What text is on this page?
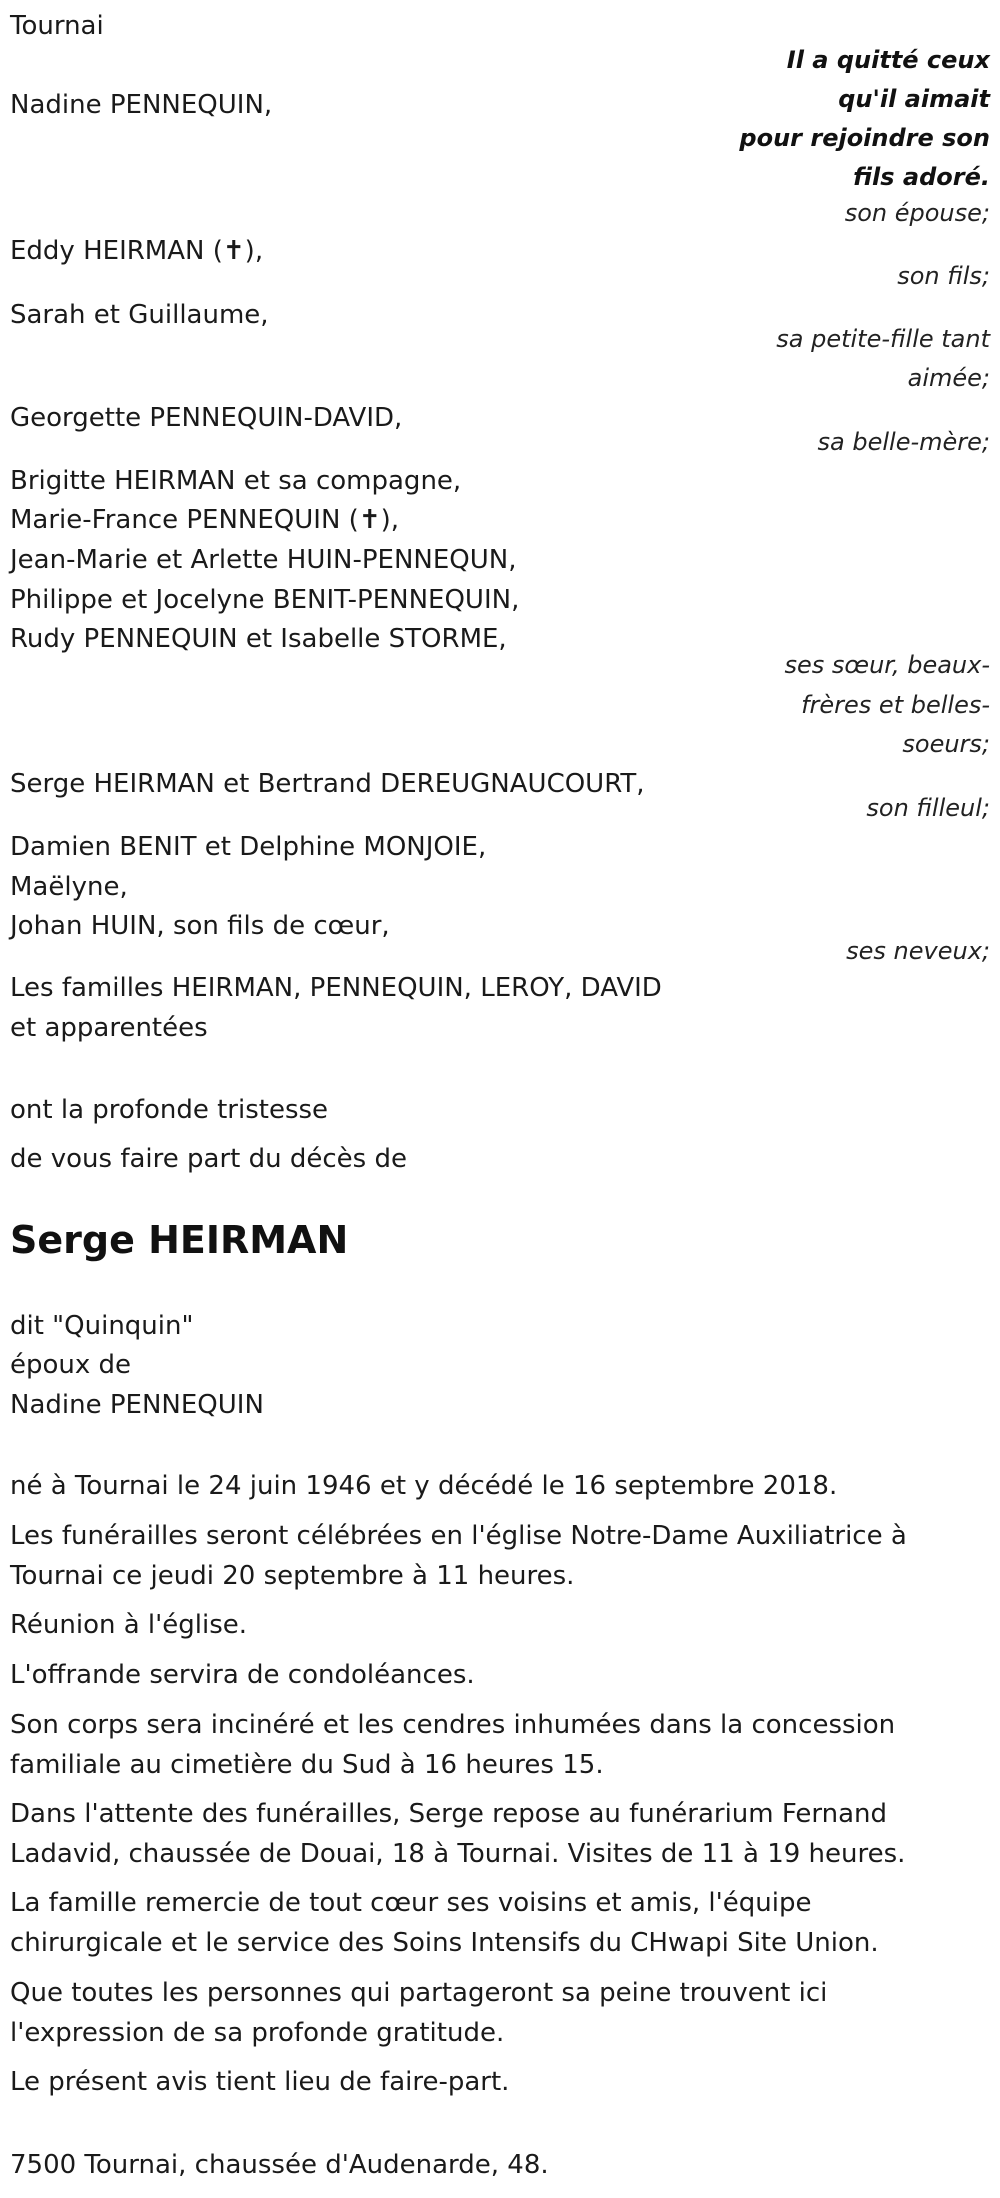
Tournai
Il a quitté ceux
qu'il aimait
pour rejoindre son
fils adoré.
Nadine PENNEQUIN,
son épouse;
Eddy HEIRMAN (✝),
son fils;
Sarah et Guillaume,
sa petite-fille tant
aimée;
Georgette PENNEQUIN-DAVID,
sa belle-mère;
Brigitte HEIRMAN et sa compagne,
Marie-France PENNEQUIN (✝),
Jean-Marie et Arlette HUIN-PENNEQUN,
Philippe et Jocelyne BENIT-PENNEQUIN,
Rudy PENNEQUIN et Isabelle STORME,
ses sœur, beaux-
frères et belles-
soeurs;
Serge HEIRMAN et Bertrand DEREUGNAUCOURT,
son filleul;
Damien BENIT et Delphine MONJOIE,
Maëlyne,
Johan HUIN, son fils de cœur,
ses neveux;
Les familles HEIRMAN, PENNEQUIN, LEROY, DAVID
et apparentées
ont la profonde tristesse
de vous faire part du décès de
Serge HEIRMAN
dit "Quinquin"
époux de
Nadine PENNEQUIN
né à Tournai le 24 juin 1946 et y décédé le 16 septembre 2018.
Les funérailles seront célébrées en l'église Notre-Dame Auxiliatrice à
Tournai ce jeudi 20 septembre à 11 heures.
Réunion à l'église.
L'offrande servira de condoléances.
Son corps sera incinéré et les cendres inhumées dans la concession
familiale au cimetière du Sud à 16 heures 15.
Dans l'attente des funérailles, Serge repose au funérarium Fernand
Ladavid, chaussée de Douai, 18 à Tournai. Visites de 11 à 19 heures.
La famille remercie de tout cœur ses voisins et amis, l'équipe
chirurgicale et le service des Soins Intensifs du CHwapi Site Union.
Que toutes les personnes qui partageront sa peine trouvent ici
l'expression de sa profonde gratitude.
Le présent avis tient lieu de faire-part.
7500 Tournai, chaussée d'Audenarde, 48.
